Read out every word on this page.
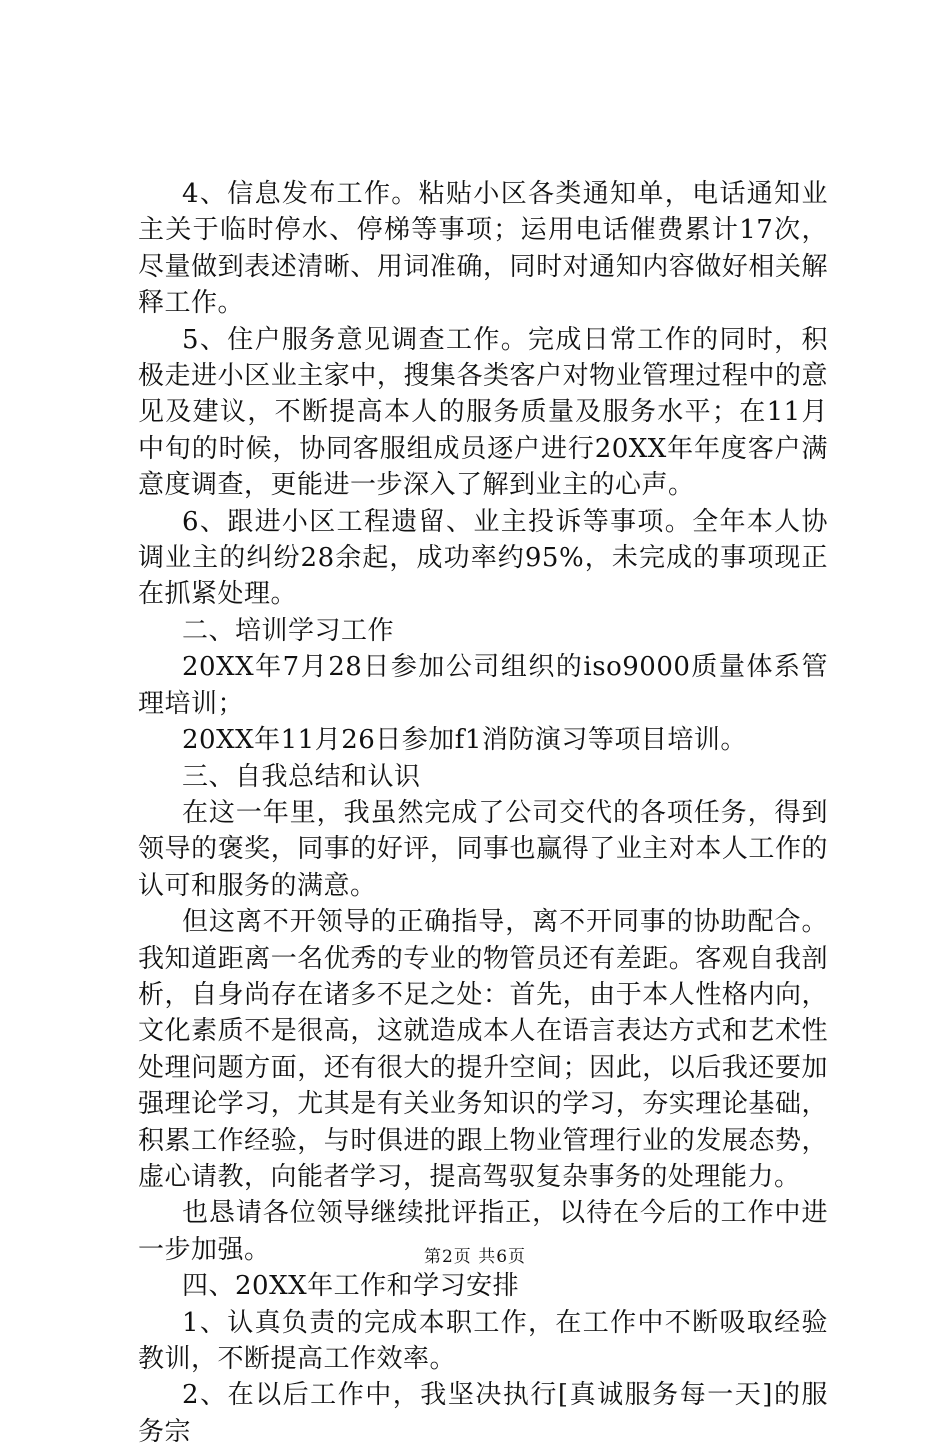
4、信息发布工作。粘贴小区各类通知单，电话通知业主关于临时停水、停梯等事项；运用电话催费累计17次，尽量做到表述清晰、用词准确，同时对通知内容做好相关解释工作。

5、住户服务意见调查工作。完成日常工作的同时，积极走进小区业主家中，搜集各类客户对物业管理过程中的意见及建议，不断提高本人的服务质量及服务水平；在11月中旬的时候，协同客服组成员逐户进行20XX年年度客户满意度调查，更能进一步深入了解到业主的心声。

6、跟进小区工程遗留、业主投诉等事项。全年本人协调业主的纠纷28余起，成功率约95%，未完成的事项现正在抓紧处理。

二、培训学习工作

20XX年7月28日参加公司组织的iso9000质量体系管理培训；

20XX年11月26日参加f1消防演习等项目培训。

三、自我总结和认识

在这一年里，我虽然完成了公司交代的各项任务，得到领导的褒奖，同事的好评，同事也赢得了业主对本人工作的认可和服务的满意。

但这离不开领导的正确指导，离不开同事的协助配合。我知道距离一名优秀的专业的物管员还有差距。客观自我剖析，自身尚存在诸多不足之处：首先，由于本人性格内向，文化素质不是很高，这就造成本人在语言表达方式和艺术性处理问题方面，还有很大的提升空间；因此，以后我还要加强理论学习，尤其是有关业务知识的学习，夯实理论基础，积累工作经验，与时俱进的跟上物业管理行业的发展态势，虚心请教，向能者学习，提高驾驭复杂事务的处理能力。

也恳请各位领导继续批评指正，以待在今后的工作中进一步加强。

四、20XX年工作和学习安排

1、认真负责的完成本职工作，在工作中不断吸取经验教训，不断提高工作效率。

2、在以后工作中，我坚决执行[真诚服务每一天]的服务宗

第2页 共6页
